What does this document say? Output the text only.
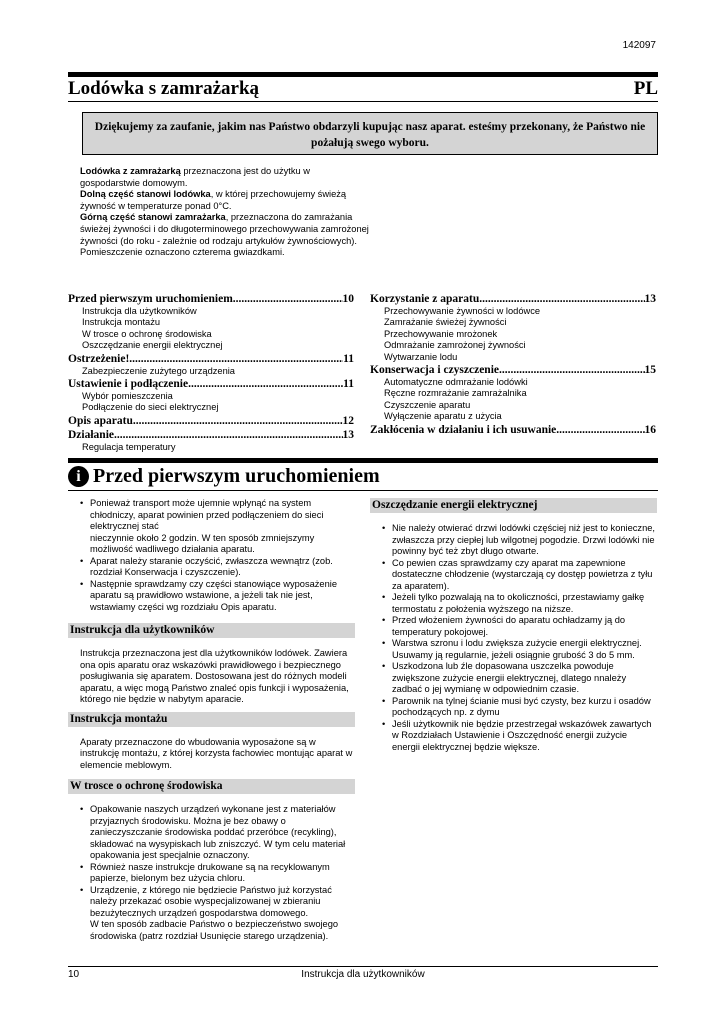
142097
Lodówka s zamrażarką	PL
Dziękujemy za zaufanie, jakim nas Państwo obdarzyli kupując nasz aparat. esteśmy przekonany, że Państwo nie pożałują swego wyboru.

Lodówka z zamrażarką przeznaczona jest do użytku w gospodarstwie domowym.

Dolną część stanowi lodówka, w której przechowujemy świeżą żywność w temperaturze ponad 0°C.

Górną część stanowi zamrażarka, przeznaczona do zamrażania świeżej żywności i do długoterminowego przechowywania zamrożonej żywności (do roku - zależnie od rodzaju artykułów żywnościowych). Pomieszczenie oznaczono czterema gwiazdkami.

Przed pierwszym uruchomieniem .....	10
Instrukcja dla użytkowników
Instrukcja montażu
W trosce o ochronę środowiska
Oszczędzanie energii elektrycznej
Ostrzeżenie! .....	11
Zabezpieczenie zużytego urządzenia
Ustawienie i podłączenie .....	11
Wybór pomieszczenia
Podłączenie do sieci elektrycznej
Opis aparatu .....	12
Działanie .....	13
Regulacja temperatury
Korzystanie z aparatu .....	13
Przechowywanie żywności w lodówce
Zamrażanie świeżej żywności
Przechowywanie mrożonek
Odmrażanie zamrożonej żywności
Wytwarzanie lodu
Konserwacja i czyszczenie .....	15
Automatyczne odmrażanie lodówki
Ręczne rozmrażanie zamrażalnika
Czyszczenie aparatu
Wyłączenie aparatu z użycia
Zakłócenia w działaniu i ich usuwanie .....	16
i Przed pierwszym uruchomieniem
• Ponieważ transport może ujemnie wpłynąć na system chłodniczy, aparat powinien przed podłączeniem do sieci elektrycznej stać
nieczynnie około 2 godzin. W ten sposób zmniejszymy możliwość wadliwego działania aparatu.
• Aparat należy staranie oczyścić, zwłaszcza wewnątrz (zob. rozdział Konserwacja i czyszczenie).
• Następnie sprawdzamy czy części stanowiące wyposażenie aparatu są prawidłowo wstawione, a jeżeli tak nie jest, wstawiamy części wg rozdziału Opis aparatu.
Instrukcja dla użytkowników

Instrukcja przeznaczona jest dla użytkowników lodówek. Zawiera ona opis aparatu oraz wskazówki prawidłowego i bezpiecznego posługiwania się aparatem. Dostosowana jest do różnych modeli aparatu, a więc mogą Państwo znaleć opis funkcji i wyposażenia, którego nie będzie w nabytym aparacie.

Instrukcja montażu

Aparaty przeznaczone do wbudowania wyposażone są w instrukcję montażu, z której korzysta fachowiec montując aparat w elemencie meblowym.

W trosce o ochronę środowiska
• Opakowanie naszych urządzeń wykonane jest z materiałów przyjaznych środowisku. Można je bez obawy o zanieczyszczanie środowiska poddać przeróbce (recykling), składować na wysypiskach lub zniszczyć. W tym celu materiał opakowania jest specjalnie oznaczony.
• Również nasze instrukcje drukowane są na recyklowanym papierze, bielonym bez użycia chloru.
• Urządzenie, z którego nie będziecie Państwo już korzystać należy przekazać osobie wyspecjalizowanej w zbieraniu bezużytecznych urządzeń gospodarstwa domowego.
W ten sposób zadbacie Państwo o bezpieczeństwo swojego środowiska (patrz rozdział Usunięcie starego urządzenia).
Oszczędzanie energii elektrycznej
• Nie należy otwierać drzwi lodówki częściej niż jest to konieczne, zwłaszcza przy ciepłej lub wilgotnej pogodzie. Drzwi lodówki nie powinny być też zbyt długo otwarte.
• Co pewien czas sprawdzamy czy aparat ma zapewnione dostateczne chłodzenie (wystarczają cy dostęp powietrza z tyłu za aparatem).
• Jeżeli tylko pozwalają na to okoliczności, przestawiamy gałkę termostatu z położenia wyższego na niższe.
• Przed włożeniem żywności do aparatu ochładzamy ją do temperatury pokojowej.
• Warstwa szronu i lodu zwiększa zużycie energii elektrycznej. Usuwamy ją regularnie, jeżeli osiągnie grubość 3 do 5 mm.
• Uszkodzona lub źle dopasowana uszczelka powoduje zwiększone zużycie energii elektrycznej, dlatego nnależy zadbać o jej wymianę w odpowiednim czasie.
• Parownik na tylnej ścianie musi być czysty, bez kurzu i osadów pochodzących np. z dymu
• Jeśli użytkownik nie będzie przestrzegał wskazówek zawartych w Rozdziałach Ustawienie i Oszczędność energii zużycie energii elektrycznej będzie większe.
Instrukcja dla użytkowników
10
